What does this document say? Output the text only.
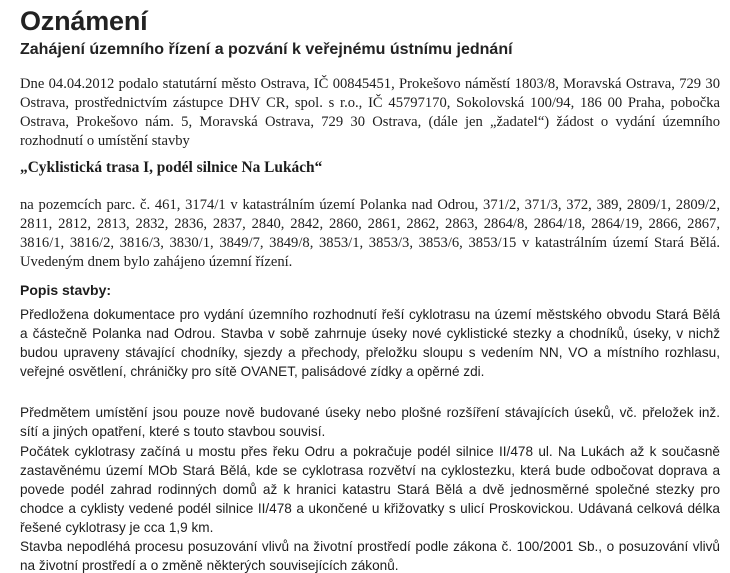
Oznámení
Zahájení územního řízení a pozvání k veřejnému ústnímu jednání
Dne 04.04.2012 podalo statutární město Ostrava, IČ 00845451, Prokešovo náměstí 1803/8, Moravská Ostrava, 729 30 Ostrava, prostřednictvím zástupce DHV CR, spol. s r.o., IČ 45797170, Sokolovská 100/94, 186 00 Praha, pobočka Ostrava, Prokešovo nám. 5, Moravská Ostrava, 729 30 Ostrava, (dále jen „žadatel“) žádost o vydání územního rozhodnutí o umístění stavby
„Cyklistická trasa I, podél silnice Na Lukách“
na pozemcích parc. č. 461, 3174/1 v katastrálním území Polanka nad Odrou, 371/2, 371/3, 372, 389, 2809/1, 2809/2, 2811, 2812, 2813, 2832, 2836, 2837, 2840, 2842, 2860, 2861, 2862, 2863, 2864/8, 2864/18, 2864/19, 2866, 2867, 3816/1, 3816/2, 3816/3, 3830/1, 3849/7, 3849/8, 3853/1, 3853/3, 3853/6, 3853/15 v katastrálním území Stará Bělá. Uvedeným dnem bylo zahájeno územní řízení.
Popis stavby:
Předložena dokumentace pro vydání územního rozhodnutí řeší cyklotrasu na území městského obvodu Stará Bělá a částečně Polanka nad Odrou. Stavba v sobě zahrnuje úseky nové cyklistické stezky a chodníků, úseky, v nichž budou upraveny stávající chodníky, sjezdy a přechody, přeložku sloupu s vedením NN, VO a místního rozhlasu, veřejné osvětlení, chráničky pro sítě OVANET, palisádové zídky a opěrné zdi.
Předmětem umístění jsou pouze nově budované úseky nebo plošné rozšíření stávajících úseků, vč. přeložek inž. sítí a jiných opatření, které s touto stavbou souvisí.
Počátek cyklotrasy začíná u mostu přes řeku Odru a pokračuje podél silnice II/478 ul. Na Lukách až k současně zastavěnému území MOb Stará Bělá, kde se cyklotrasa rozvětví na cyklostezku, která bude odbočovat doprava a povede podél zahrad rodinných domů až k hranici katastru Stará Bělá a dvě jednosměrné společné stezky pro chodce a cyklisty vedené podél silnice II/478 a ukončené u křižovatky s ulicí Proskovickou. Udávaná celková délka řešené cyklotrasy je cca 1,9 km.
Stavba nepodléhá procesu posuzování vlivů na životní prostředí podle zákona č. 100/2001 Sb., o posuzování vlivů na životní prostředí a o změně některých souvisejících zákonů.
